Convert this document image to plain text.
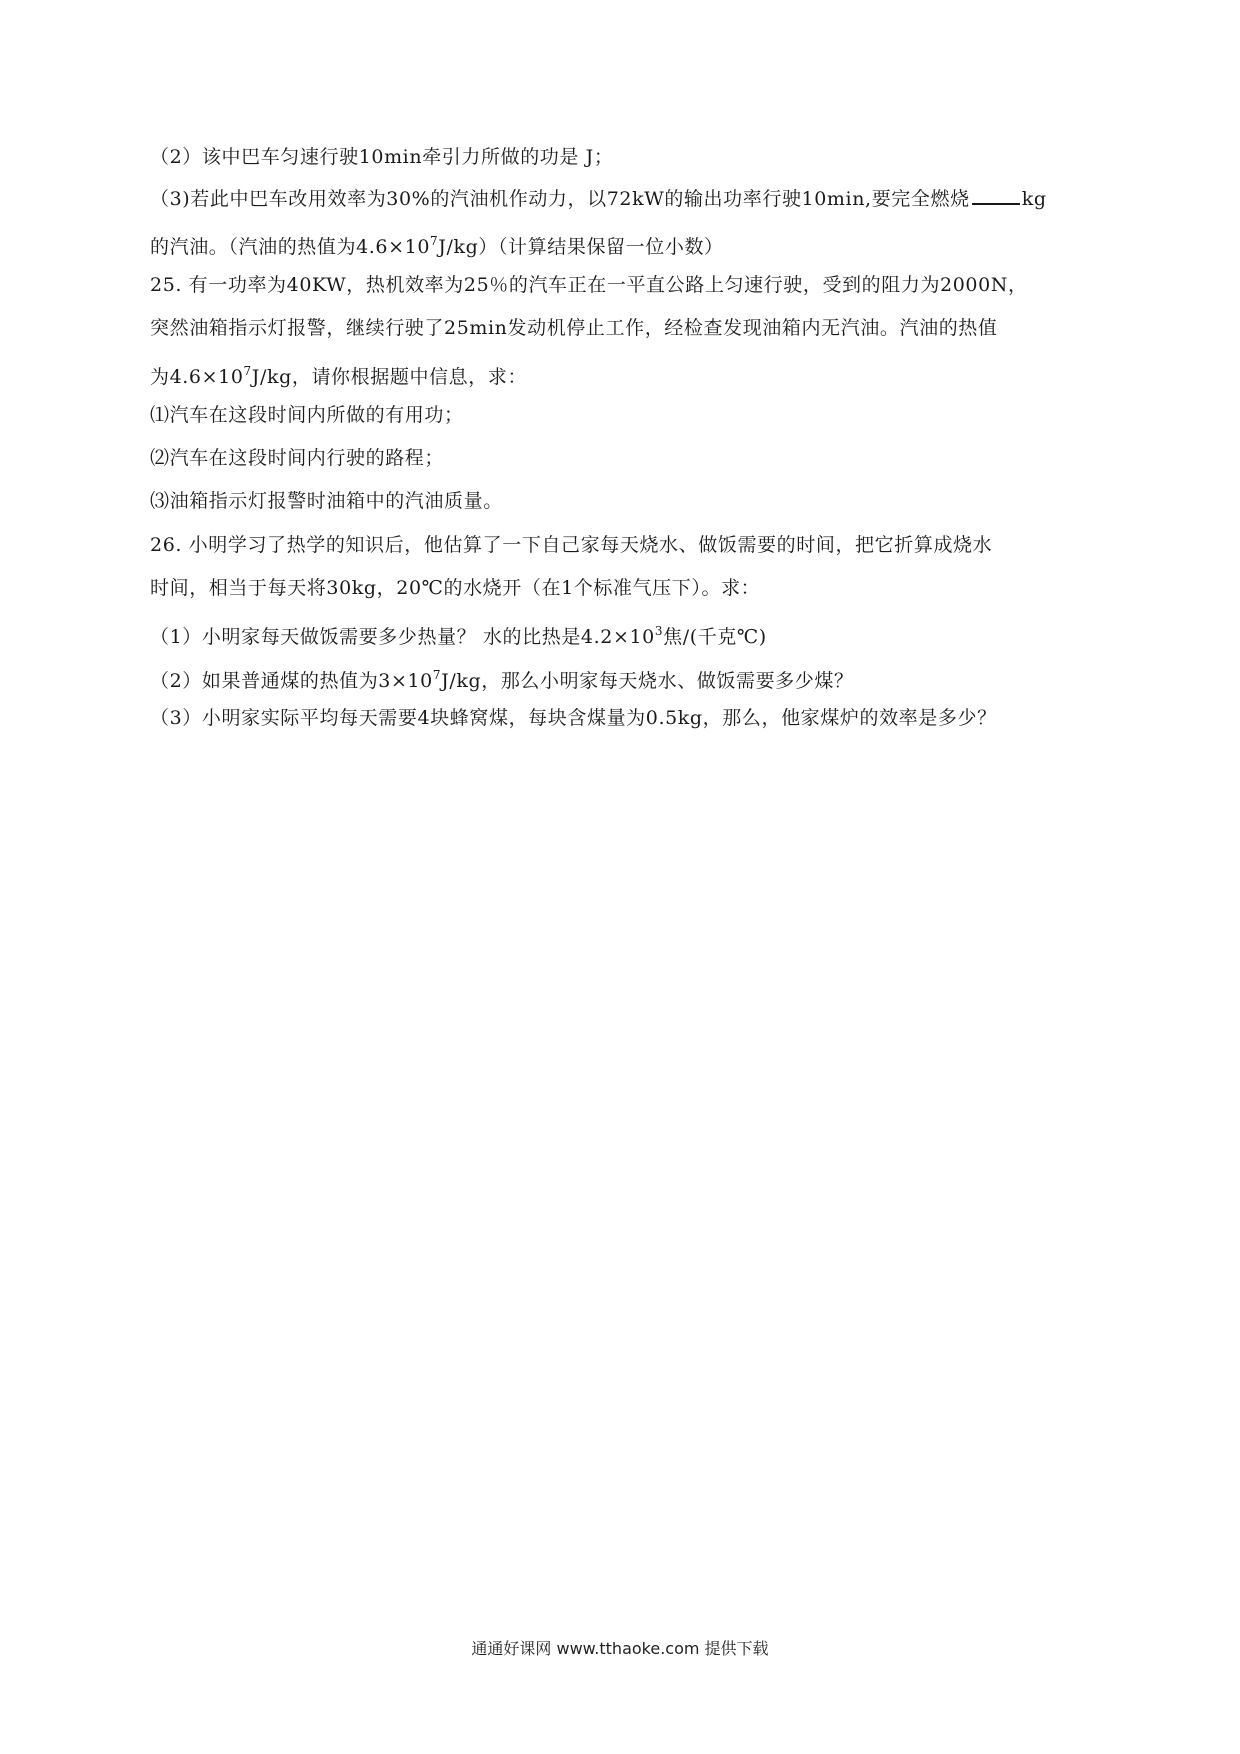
（2）该中巴车匀速行驶10min牵引力所做的功是 J；
（3)若此中巴车改用效率为30%的汽油机作动力，以72kW的输出功率行驶10min,要完全燃烧	kg
的汽油。（汽油的热值为$4.6\times 10^7J/kg$）（计算结果保留一位小数）
25. 有一功率为40KW，热机效率为25％的汽车正在一平直公路上匀速行驶，受到的阻力为2000N，
突然油箱指示灯报警，继续行驶了25min发动机停止工作，经检查发现油箱内无汽油。汽油的热值
为$4.6\times 10^7J/kg$，请你根据题中信息，求：
⑴汽车在这段时间内所做的有用功；
⑵汽车在这段时间内行驶的路程；
⑶油箱指示灯报警时油箱中的汽油质量。
26. 小明学习了热学的知识后，他估算了一下自己家每天烧水、做饭需要的时间，把它折算成烧水
时间，相当于每天将30kg，20℃的水烧开（在1个标准气压下）。求：
（1）小明家每天做饭需要多少热量？ 水的比热是$4.2\times 10^3$焦/(千克℃)
（2）如果普通煤的热值为$3\times 10^7J/kg$，那么小明家每天烧水、做饭需要多少煤？
（3）小明家实际平均每天需要4块蜂窝煤，每块含煤量为0.5kg，那么，他家煤炉的效率是多少？
通通好课网 www.tthaoke.com 提供下载
